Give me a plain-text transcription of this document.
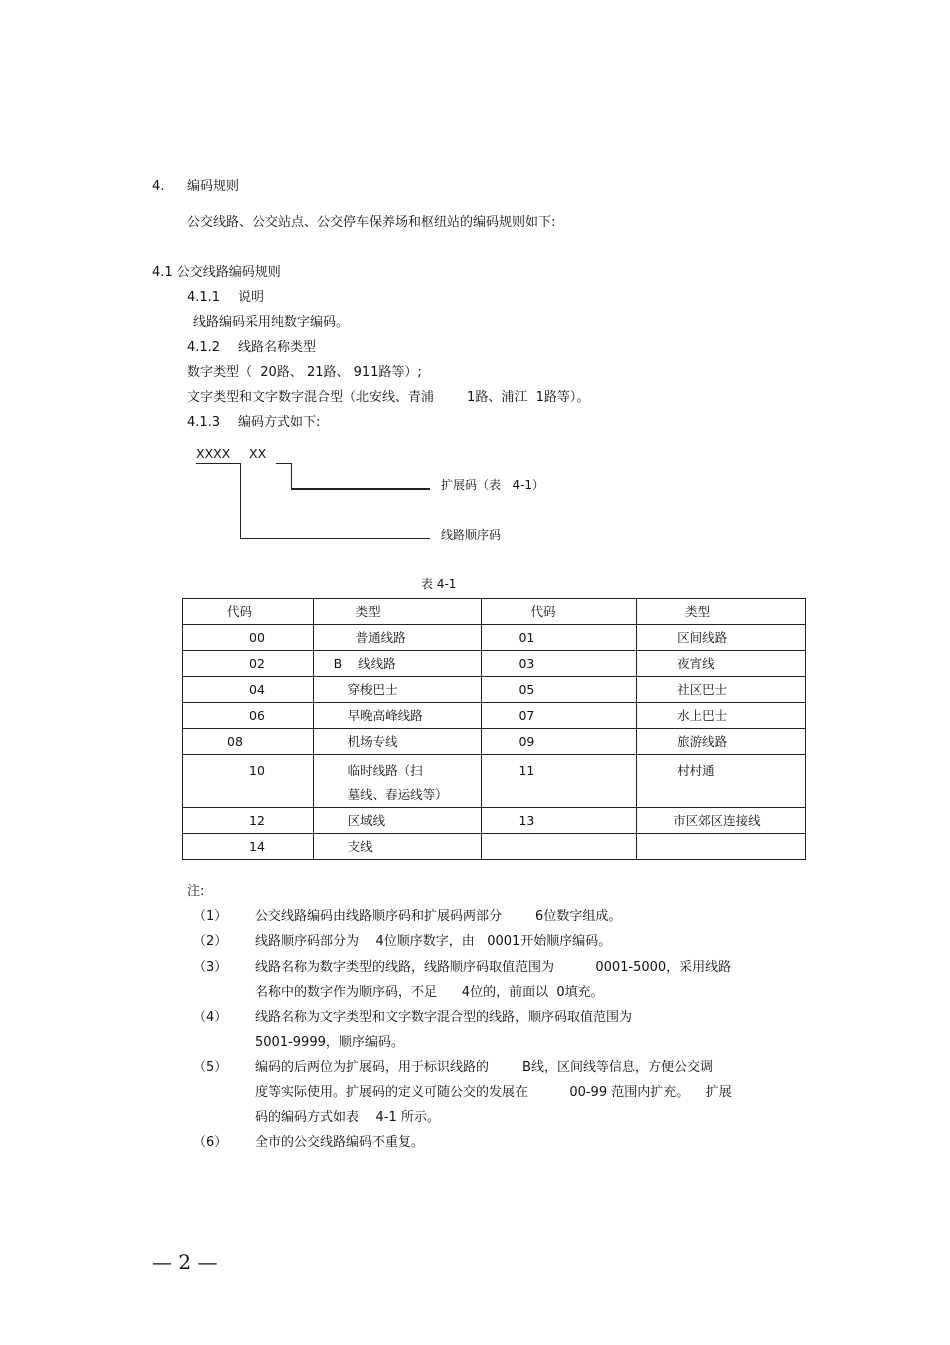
4. 编码规则
公交线路、公交站点、公交停车保养场和枢纽站的编码规则如下:
4.1 公交线路编码规则
4.1.1 说明
线路编码采用纯数字编码。
4.1.2 线路名称类型
数字类型（  20路、 21路、 911路等）;
文字类型和文字数字混合型（北安线、青浦        1路、浦江  1路等）。
4.1.3 编码方式如下:
XXXX XX
扩展码（表   4-1）
线路顺序码
表 4-1
代码	类型	代码	类型

00	普通线路	01	区间线路

02	B    线线路	03	夜宵线

04	穿梭巴士	05	社区巴士

06	早晚高峰线路	07	水上巴士

08	机场专线	09	旅游线路

10	临时线路（扫
墓线、春运线等）	11	村村通

12	区域线	13	市区郊区连接线

14	支线		

注:
（1） 公交线路编码由线路顺序码和扩展码两部分        6位数字组成。
（2） 线路顺序码部分为    4位顺序数字，由   0001开始顺序编码。
（3） 线路名称为数字类型的线路，线路顺序码取值范围为          0001-5000，采用线路
名称中的数字作为顺序码，不足      4位的，前面以  0填充。
（4） 线路名称为文字类型和文字数字混合型的线路，顺序码取值范围为
5001-9999，顺序编码。
（5） 编码的后两位为扩展码，用于标识线路的        B线，区间线等信息，方便公交调
度等实际使用。扩展码的定义可随公交的发展在          00-99 范围内扩充。    扩展
码的编码方式如表    4-1 所示。
（6） 全市的公交线路编码不重复。
— 2 —
